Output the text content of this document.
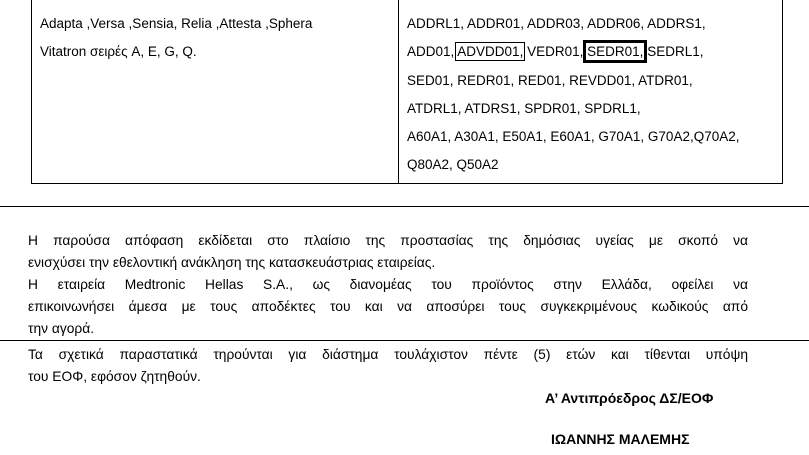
Adapta ,Versa ,Sensia, Relia ,Attesta ,Sphera
Vitatron σειρές A, E, G, Q.
ADDRL1, ADDR01, ADDR03, ADDR06, ADDRS1,
ADD01, ADVDD01, VEDR01, SEDR01, SEDRL1,
SED01, REDR01, RED01, REVDD01, ATDR01,
ATDRL1, ATDRS1, SPDR01, SPDRL1,
A60A1, A30A1, E50A1, E60A1, G70A1, G70A2,Q70A2,
Q80A2, Q50A2
Η παρούσα απόφαση εκδίδεται στο πλαίσιο της προστασίας της δημόσιας υγείας με σκοπό να
ενισχύσει την εθελοντική ανάκληση της κατασκευάστριας εταιρείας.
Η εταιρεία Medtronic Hellas S.A., ως διανομέας του προϊόντος στην Ελλάδα, οφείλει να
επικοινωνήσει άμεσα με τους αποδέκτες του και να αποσύρει τους συγκεκριμένους κωδικούς από
την αγορά.
Τα σχετικά παραστατικά τηρούνται για διάστημα τουλάχιστον πέντε (5) ετών και τίθενται υπόψη
του ΕΟΦ, εφόσον ζητηθούν.
Α’ Αντιπρόεδρος ΔΣ/ΕΟΦ
ΙΩΑΝΝΗΣ ΜΑΛΕΜΗΣ
